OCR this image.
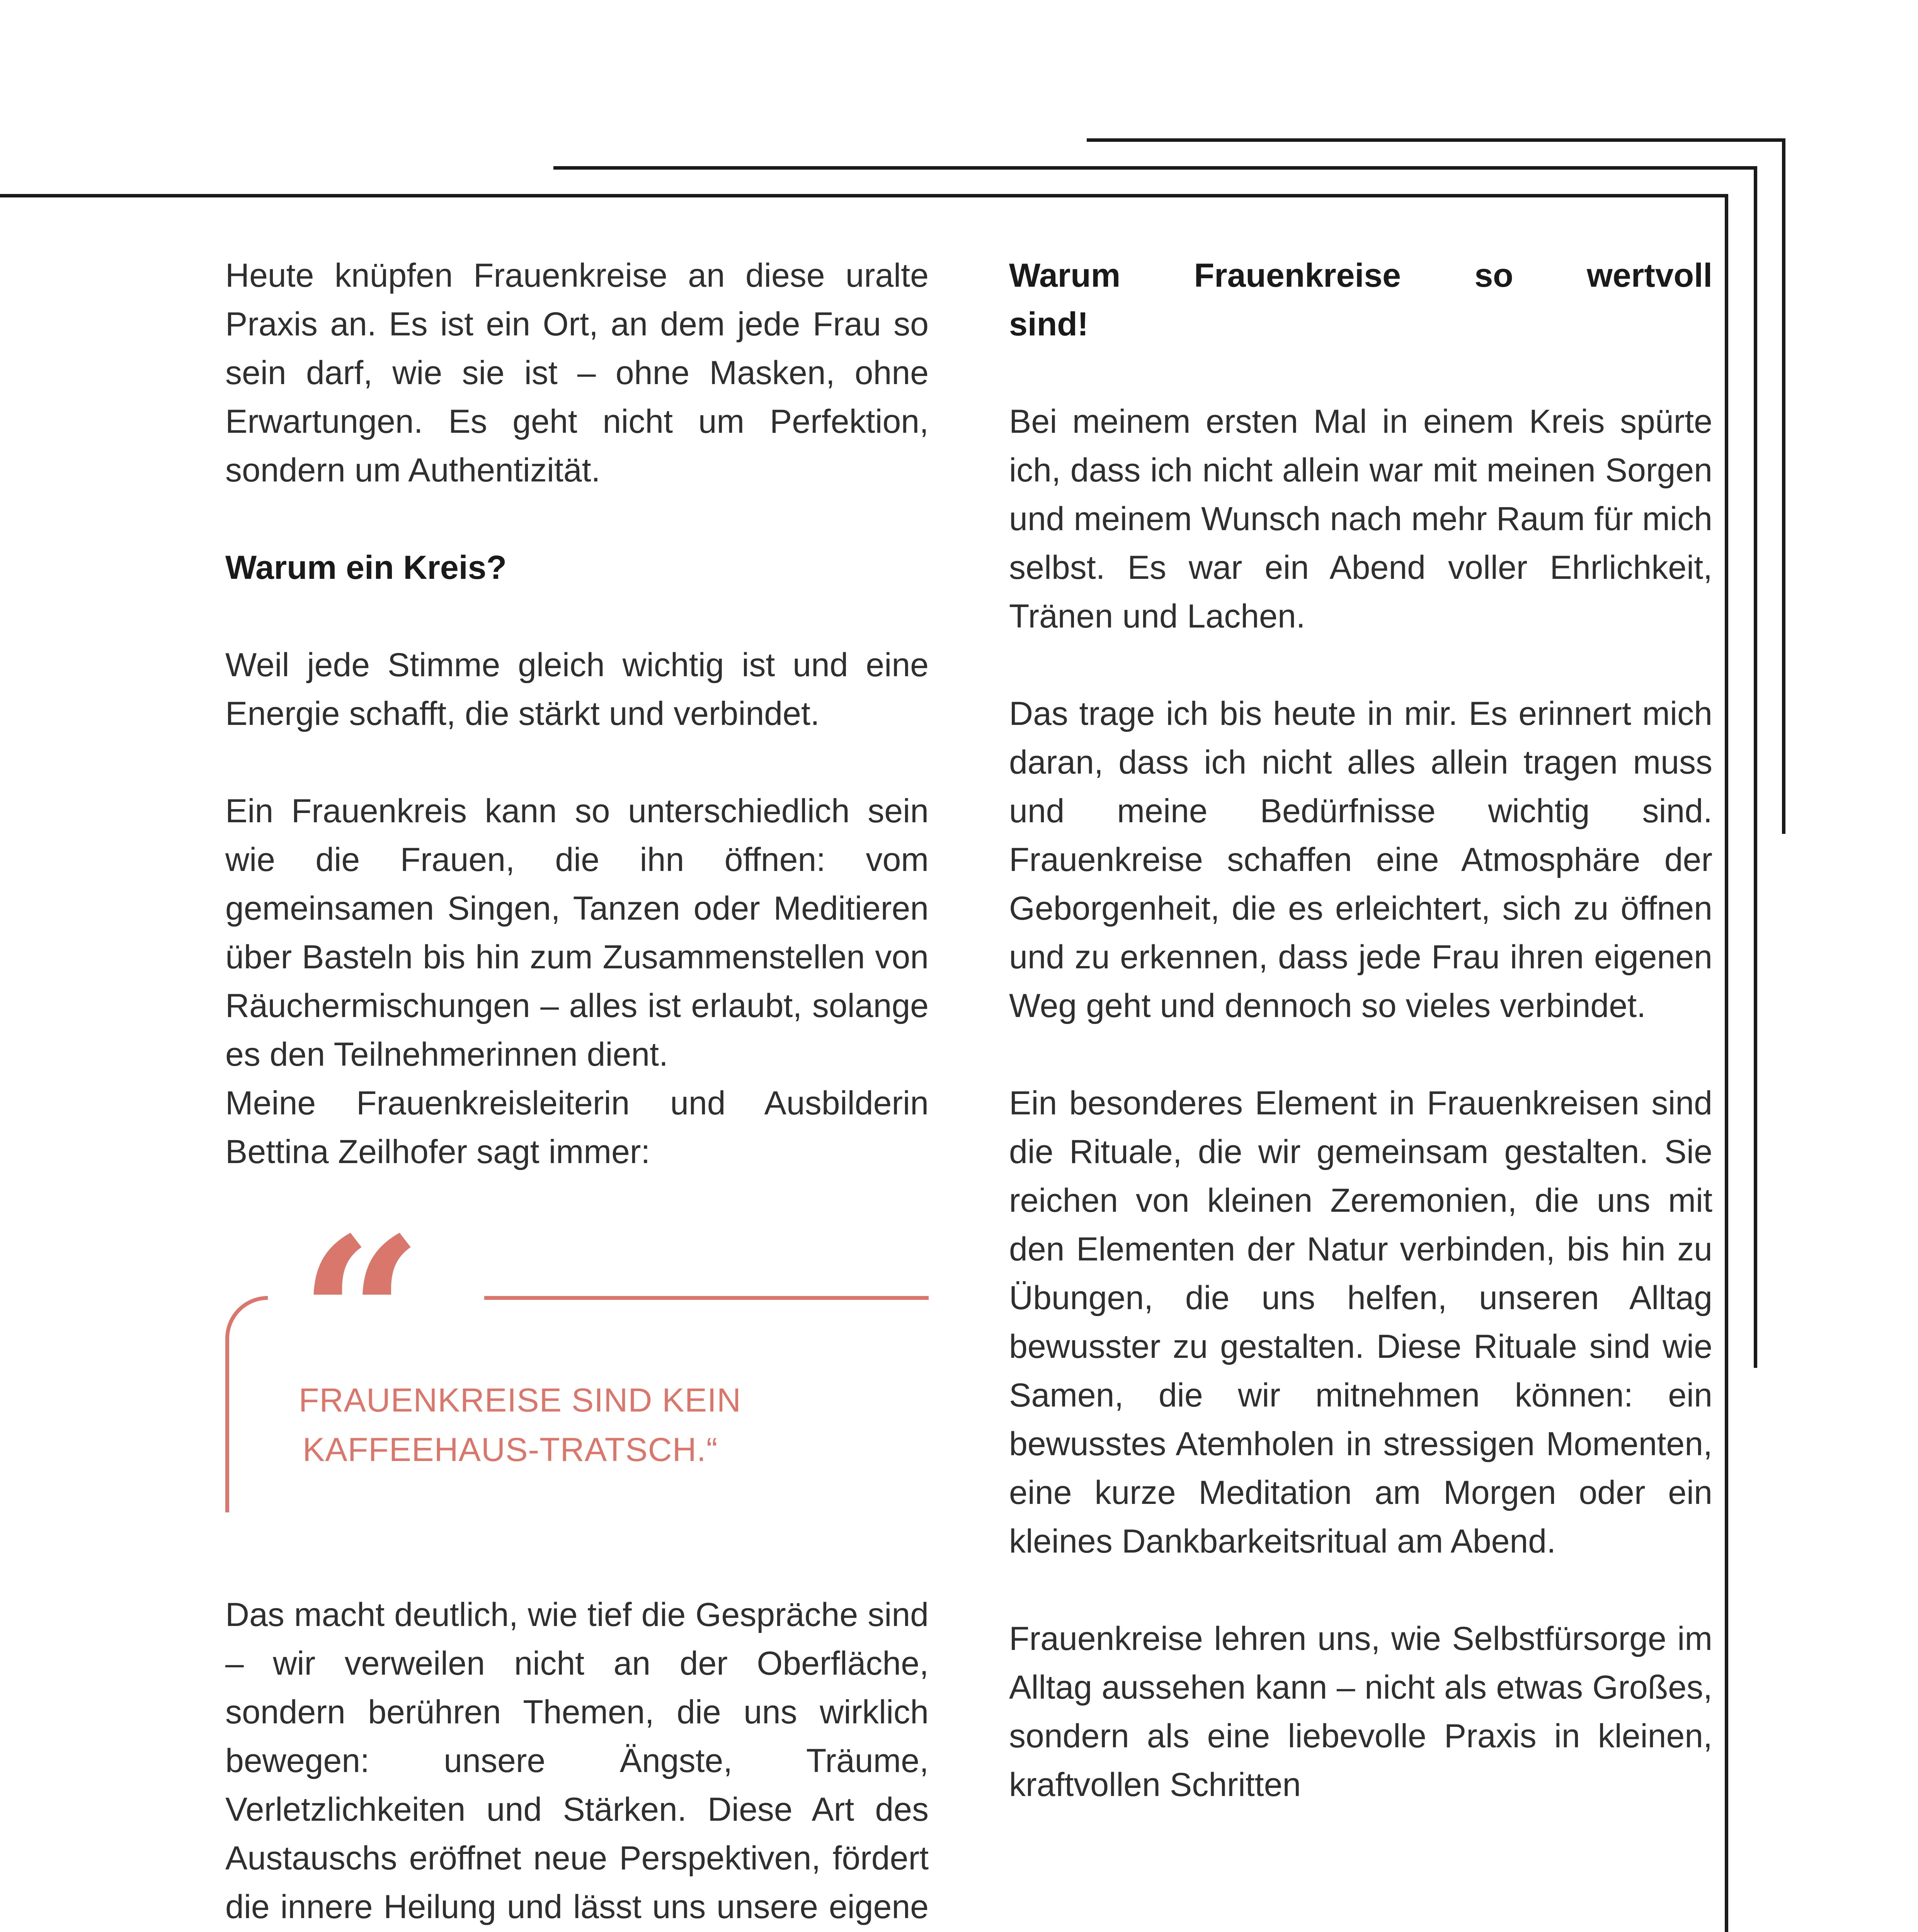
Heute knüpfen Frauenkreise an diese uralte Praxis an. Es ist ein Ort, an dem jede Frau so sein darf, wie sie ist – ohne Masken, ohne Erwartungen. Es geht nicht um Perfektion, sondern um Authentizität.

Warum ein Kreis?

Weil jede Stimme gleich wichtig ist und eine Energie schafft, die stärkt und verbindet.

Ein Frauenkreis kann so unterschiedlich sein wie die Frauen, die ihn öffnen: vom gemeinsamen Singen, Tanzen oder Meditieren über Basteln bis hin zum Zusammenstellen von Räuchermischungen – alles ist erlaubt, solange es den Teilnehmerinnen dient.

Meine Frauenkreisleiterin und Ausbilderin Bettina Zeilhofer sagt immer:

“
FRAUENKREISE SIND KEIN
KAFFEEHAUS-TRATSCH.“

Das macht deutlich, wie tief die Gespräche sind – wir verweilen nicht an der Oberfläche, sondern berühren Themen, die uns wirklich bewegen: unsere Ängste, Träume, Verletzlichkeiten und Stärken. Diese Art des Austauschs eröffnet neue Perspektiven, fördert die innere Heilung und lässt uns unsere eigene

Warum Frauenkreise so wertvoll
sind!

Bei meinem ersten Mal in einem Kreis spürte ich, dass ich nicht allein war mit meinen Sorgen und meinem Wunsch nach mehr Raum für mich selbst. Es war ein Abend voller Ehrlichkeit, Tränen und Lachen.

Das trage ich bis heute in mir. Es erinnert mich daran, dass ich nicht alles allein tragen muss und meine Bedürfnisse wichtig sind. Frauenkreise schaffen eine Atmosphäre der Geborgenheit, die es erleichtert, sich zu öffnen und zu erkennen, dass jede Frau ihren eigenen Weg geht und dennoch so vieles verbindet.

Ein besonderes Element in Frauenkreisen sind die Rituale, die wir gemeinsam gestalten. Sie reichen von kleinen Zeremonien, die uns mit den Elementen der Natur verbinden, bis hin zu Übungen, die uns helfen, unseren Alltag bewusster zu gestalten. Diese Rituale sind wie Samen, die wir mitnehmen können: ein bewusstes Atemholen in stressigen Momenten, eine kurze Meditation am Morgen oder ein kleines Dankbarkeitsritual am Abend.

Frauenkreise lehren uns, wie Selbstfürsorge im Alltag aussehen kann – nicht als etwas Großes, sondern als eine liebevolle Praxis in kleinen, kraftvollen Schritten
